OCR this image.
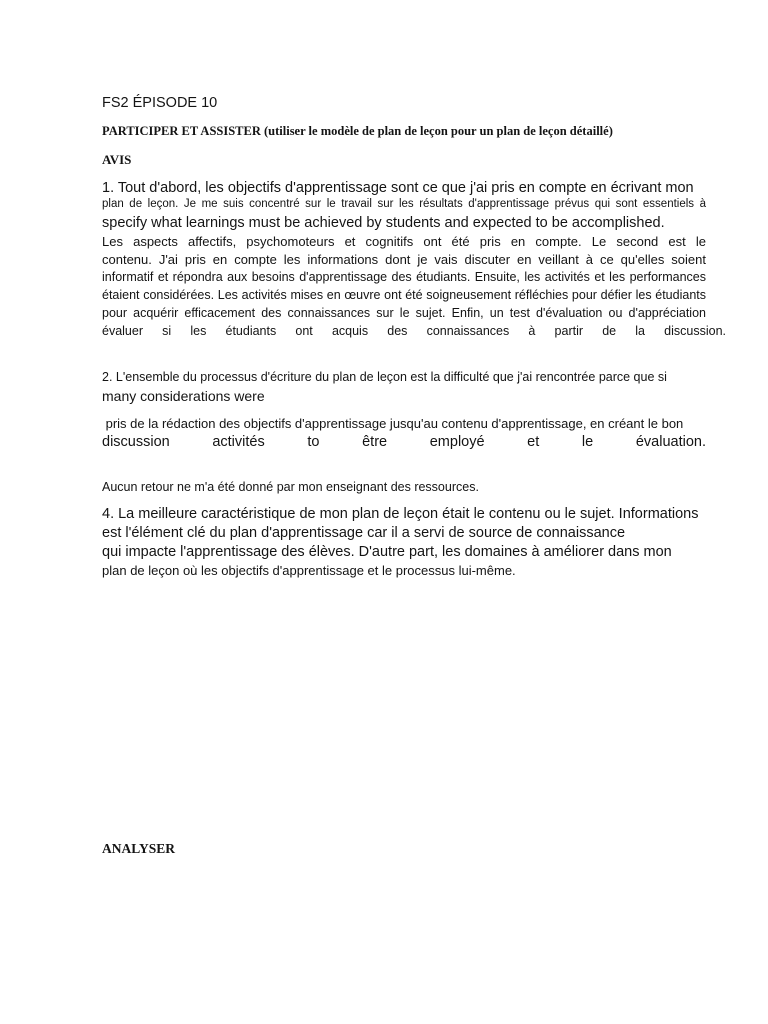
FS2 ÉPISODE 10

PARTICIPER ET ASSISTER (utiliser le modèle de plan de leçon pour un plan de leçon détaillé)

AVIS

1. Tout d'abord, les objectifs d'apprentissage sont ce que j'ai pris en compte en écrivant mon

plan de leçon. Je me suis concentré sur le travail sur les résultats d'apprentissage prévus qui sont essentiels à

specify what learnings must be achieved by students and expected to be accomplished.

Les aspects affectifs, psychomoteurs et cognitifs ont été pris en compte. Le second est le

contenu. J'ai pris en compte les informations dont je vais discuter en veillant à ce qu'elles soient

informatif et répondra aux besoins d'apprentissage des étudiants. Ensuite, les activités et les performances

étaient considérées. Les activités mises en œuvre ont été soigneusement réfléchies pour défier les étudiants

pour acquérir efficacement des connaissances sur le sujet. Enfin, un test d'évaluation ou d'appréciation

évaluer si les étudiants ont acquis des connaissances à partir de la discussion.

2. L'ensemble du processus d'écriture du plan de leçon est la difficulté que j'ai rencontrée parce que si

many considerations were

pris de la rédaction des objectifs d'apprentissage jusqu'au contenu d'apprentissage, en créant le bon

discussion activités to être employé et le évaluation.

Aucun retour ne m'a été donné par mon enseignant des ressources.

4. La meilleure caractéristique de mon plan de leçon était le contenu ou le sujet. Informations

est l'élément clé du plan d'apprentissage car il a servi de source de connaissance

qui impacte l'apprentissage des élèves. D'autre part, les domaines à améliorer dans mon

plan de leçon où les objectifs d'apprentissage et le processus lui-même.

ANALYSER
